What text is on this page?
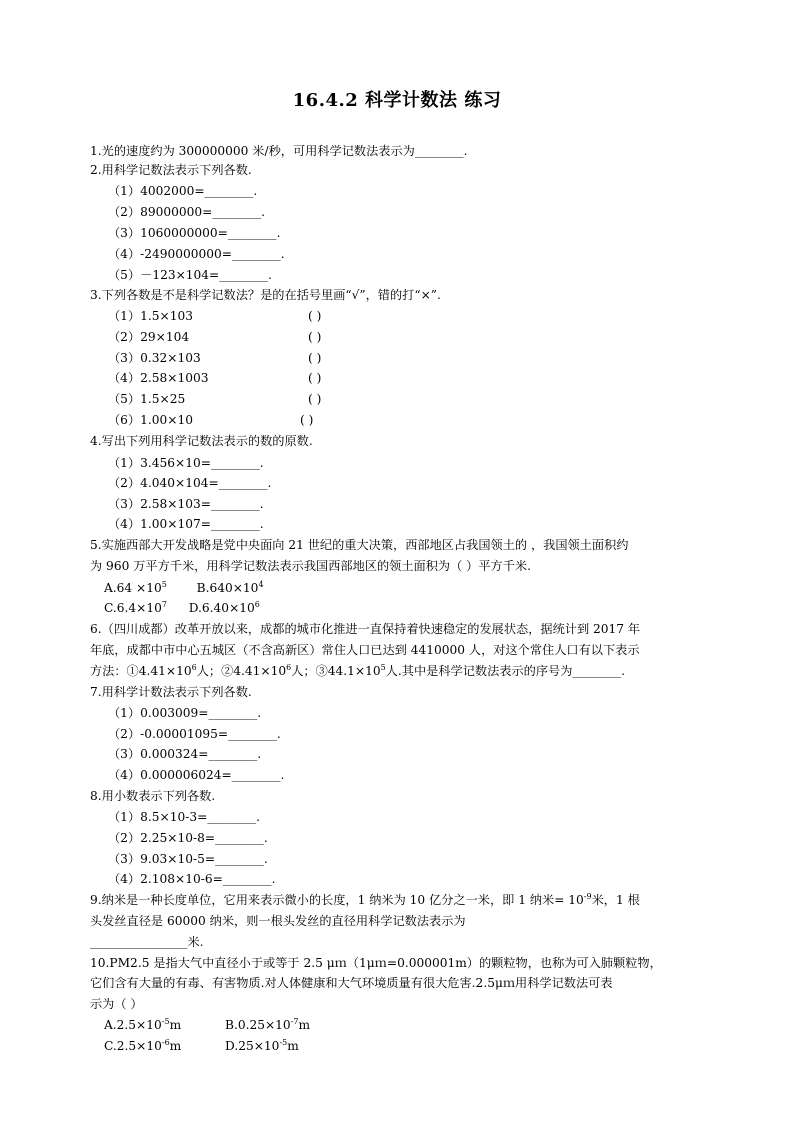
16.4.2 科学计数法 练习
1.光的速度约为 300000000 米/秒，可用科学记数法表示为________.
2.用科学记数法表示下列各数.
（1）4002000=________.
（2）89000000=________.
（3）1060000000=________.
（4）-2490000000=________.
（5）－123×104=________.
3.下列各数是不是科学记数法？是的在括号里画“√”，错的打“×”.
（1）1.5×103	( )
（2）29×104	( )
（3）0.32×103	( )
（4）2.58×1003	( )
（5）1.5×25	( )
（6）1.00×10	( )
4.写出下列用科学记数法表示的数的原数.
（1）3.456×10=________.
（2）4.040×104=________.
（3）2.58×103=________.
（4）1.00×107=________.
5.实施西部大开发战略是党中央面向 21 世纪的重大决策，西部地区占我国领土的 ，我国领土面积约
为 960 万平方千米，用科学记数法表示我国西部地区的领土面积为（ ）平方千米.
$A.64 \times 10^5$ $B.640\times 10^4$
$C.6.4\times 10^7$ $D.6.40\times 10^6$
6.（四川成都）改革开放以来，成都的城市化推进一直保持着快速稳定的发展状态，据统计到 2017 年
年底，成都中市中心五城区（不含高新区）常住人口已达到 4410000 人，对这个常住人口有以下表示
方法：$①4.41\times 10^6$人；$②4.41\times 10^6$人；$③44.1\times 10^5$人.其中是科学记数法表示的序号为________.
7.用科学计数法表示下列各数.
（1）0.003009=________.
（2）-0.00001095=________.
（3）0.000324=________.
（4）0.000006024=________.
8.用小数表示下列各数.
（1）8.5×10-3=________.
（2）2.25×10-8=________.
（3）9.03×10-5=________.
（4）2.108×10-6=________.
9.纳米是一种长度单位，它用来表示微小的长度，1 纳米为 10 亿分之一米，即 1 纳米= $10^{-9}$米，1 根
头发丝直径是 60000 纳米，则一根头发丝的直径用科学记数法表示为
________________米.
10.PM2.5 是指大气中直径小于或等于 2.5 μｍ（1μｍ=0.000001m）的颗粒物，也称为可入肺颗粒物，
它们含有大量的有毒、有害物质.对人体健康和大气环境质量有很大危害.2.5μｍ用科学记数法可表
示为（ ）
$A.2.5\times 10^{-5}m$	$B.0.25\times 10^{-7}m$
$C.2.5\times 10^{-6}m$	$D.25\times 10^{-5}m$
